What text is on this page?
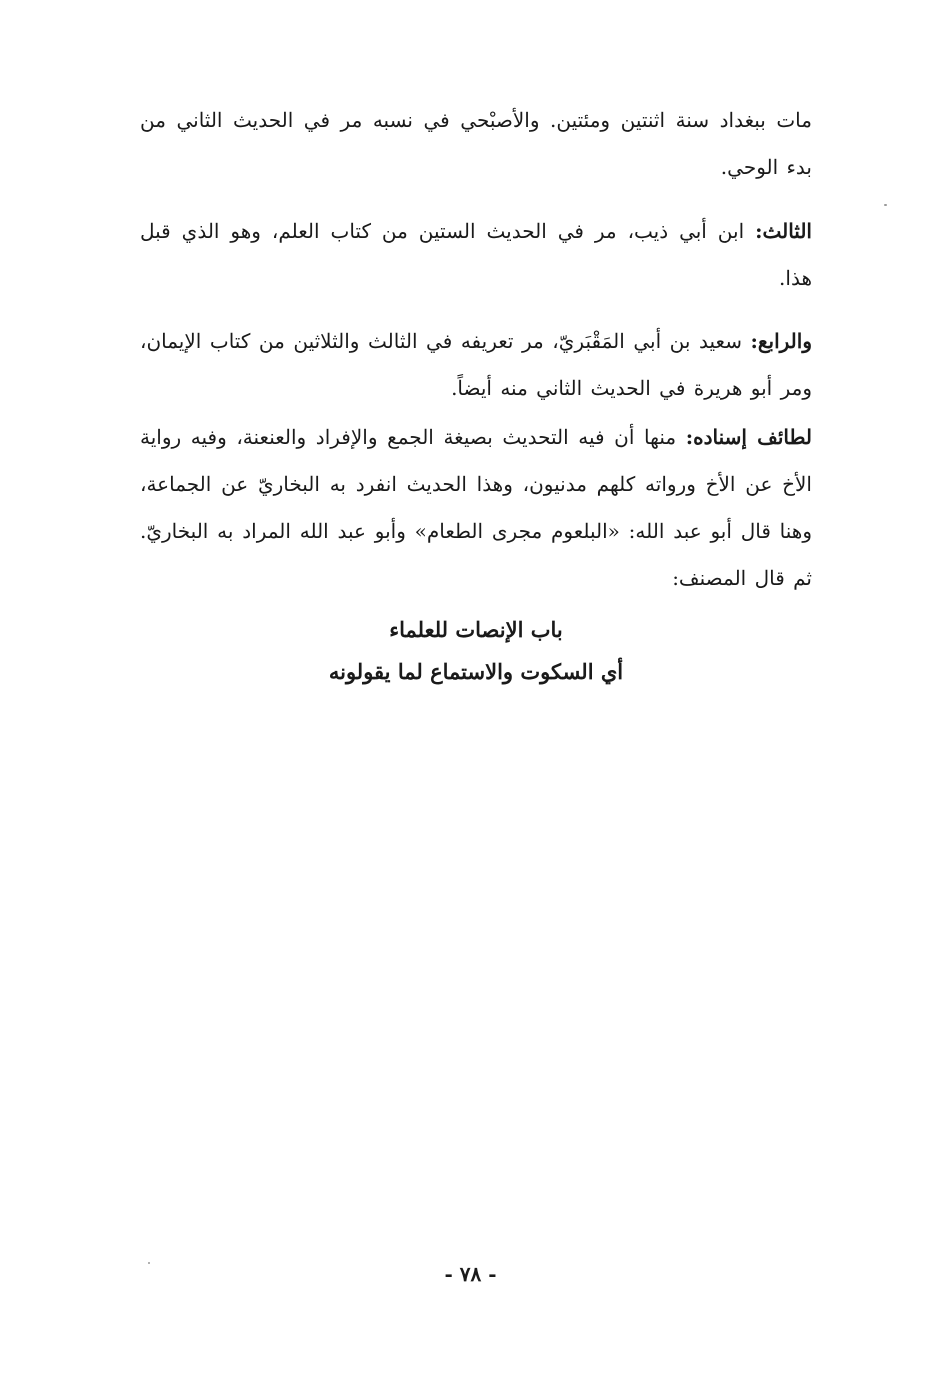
مات ببغداد سنة اثنتين ومئتين. والأصبْحي في نسبه مر في الحديث الثاني من بدء الوحي.
الثالث: ابن أبي ذيب، مر في الحديث الستين من كتاب العلم، وهو الذي قبل هذا.
والرابع: سعيد بن أبي المَقْبَريّ، مر تعريفه في الثالث والثلاثين من كتاب الإيمان، ومر أبو هريرة في الحديث الثاني منه أيضاً.
لطائف إسناده: منها أن فيه التحديث بصيغة الجمع والإفراد والعنعنة، وفيه رواية الأخ عن الأخ ورواته كلهم مدنيون، وهذا الحديث انفرد به البخاريّ عن الجماعة، وهنا قال أبو عبد الله: «البلعوم مجرى الطعام» وأبو عبد الله المراد به البخاريّ. ثم قال المصنف:
باب الإنصات للعلماء
أي السكوت والاستماع لما يقولونه
- ٧٨ -
